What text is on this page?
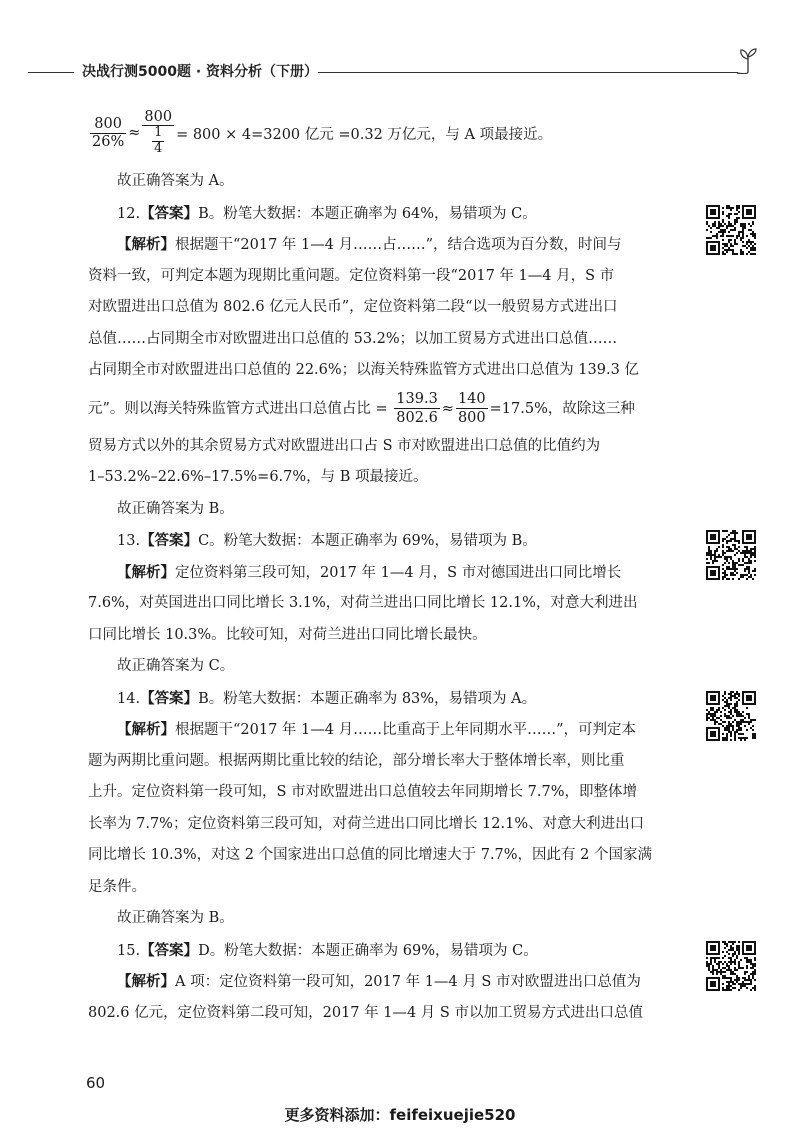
决战行测5000题 · 资料分析（下册）
$\frac{800}{26\%} \approx \frac{800}{\frac{1}{4}} = 800 \times 4=3200$ 亿元 =0.32 万亿元，与 A 项最接近。
故正确答案为 A。
12.【答案】B。粉笔大数据：本题正确率为 64%，易错项为 C。
【解析】根据题干“2017 年 1—4 月……占……”，结合选项为百分数，时间与
资料一致，可判定本题为现期比重问题。定位资料第一段“2017 年 1—4 月，S 市
对欧盟进出口总值为 802.6 亿元人民币”，定位资料第二段“以一般贸易方式进出口
总值……占同期全市对欧盟进出口总值的 53.2%；以加工贸易方式进出口总值……
占同期全市对欧盟进出口总值的 22.6%；以海关特殊监管方式进出口总值为 139.3 亿
元”。则以海关特殊监管方式进出口总值占比 = $\frac{139.3}{802.6} \approx \frac{140}{800} =17.5\%$，故除这三种
贸易方式以外的其余贸易方式对欧盟进出口占 S 市对欧盟进出口总值的比值约为
1–53.2%–22.6%–17.5%=6.7%，与 B 项最接近。
故正确答案为 B。
13.【答案】C。粉笔大数据：本题正确率为 69%，易错项为 B。
【解析】定位资料第三段可知，2017 年 1—4 月，S 市对德国进出口同比增长
7.6%，对英国进出口同比增长 3.1%，对荷兰进出口同比增长 12.1%，对意大利进出
口同比增长 10.3%。比较可知，对荷兰进出口同比增长最快。
故正确答案为 C。
14.【答案】B。粉笔大数据：本题正确率为 83%，易错项为 A。
【解析】根据题干“2017 年 1—4 月……比重高于上年同期水平……”，可判定本
题为两期比重问题。根据两期比重比较的结论，部分增长率大于整体增长率，则比重
上升。定位资料第一段可知，S 市对欧盟进出口总值较去年同期增长 7.7%，即整体增
长率为 7.7%；定位资料第三段可知，对荷兰进出口同比增长 12.1%、对意大利进出口
同比增长 10.3%，对这 2 个国家进出口总值的同比增速大于 7.7%，因此有 2 个国家满
足条件。
故正确答案为 B。
15.【答案】D。粉笔大数据：本题正确率为 69%，易错项为 C。
【解析】A 项：定位资料第一段可知，2017 年 1—4 月 S 市对欧盟进出口总值为
802.6 亿元，定位资料第二段可知，2017 年 1—4 月 S 市以加工贸易方式进出口总值
60
更多资料添加：feifeixuejie520
